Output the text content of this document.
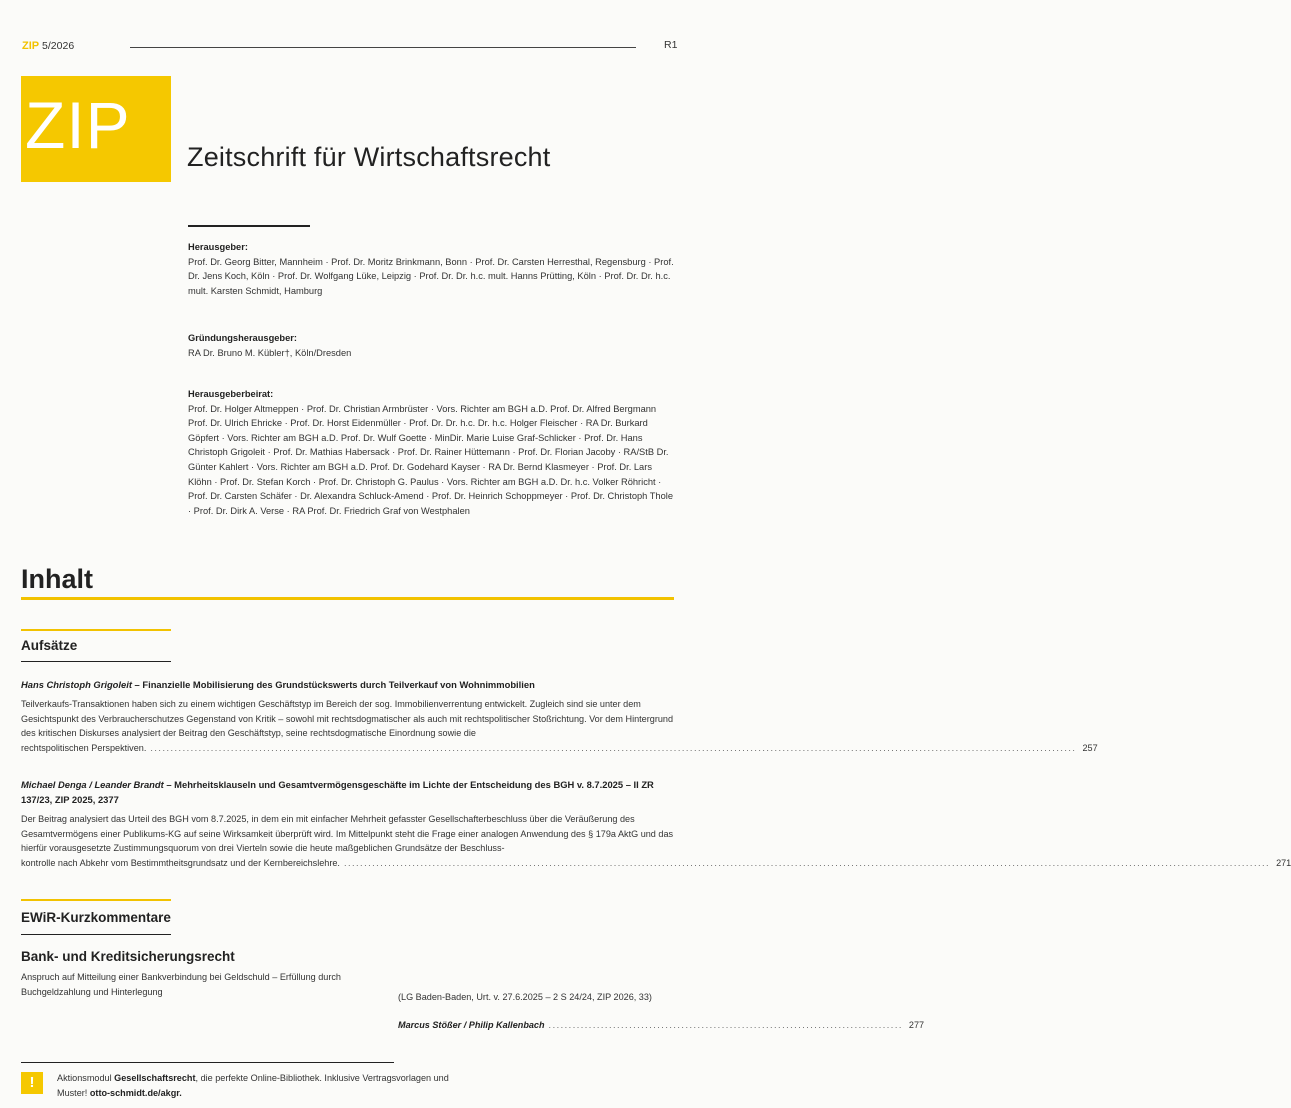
ZIP 5/2026	R1
ZIP Zeitschrift für Wirtschaftsrecht
Herausgeber:
Prof. Dr. Georg Bitter, Mannheim · Prof. Dr. Moritz Brinkmann, Bonn · Prof. Dr. Carsten Herresthal, Regensburg · Prof. Dr. Jens Koch, Köln · Prof. Dr. Wolfgang Lüke, Leipzig · Prof. Dr. Dr. h.c. mult. Hanns Prütting, Köln · Prof. Dr. Dr. h.c. mult. Karsten Schmidt, Hamburg
Gründungsherausgeber:
RA Dr. Bruno M. Kübler†, Köln/Dresden
Herausgeberbeirat:
Prof. Dr. Holger Altmeppen · Prof. Dr. Christian Armbrüster · Vors. Richter am BGH a.D. Prof. Dr. Alfred Bergmann Prof. Dr. Ulrich Ehricke · Prof. Dr. Horst Eidenmüller · Prof. Dr. Dr. h.c. Dr. h.c. Holger Fleischer · RA Dr. Burkard Göpfert · Vors. Richter am BGH a.D. Prof. Dr. Wulf Goette · MinDir. Marie Luise Graf-Schlicker · Prof. Dr. Hans Christoph Grigoleit · Prof. Dr. Mathias Habersack · Prof. Dr. Rainer Hüttemann · Prof. Dr. Florian Jacoby · RA/StB Dr. Günter Kahlert · Vors. Richter am BGH a.D. Prof. Dr. Godehard Kayser · RA Dr. Bernd Klasmeyer · Prof. Dr. Lars Klöhn · Prof. Dr. Stefan Korch · Prof. Dr. Christoph G. Paulus · Vors. Richter am BGH a.D. Dr. h.c. Volker Röhricht · Prof. Dr. Carsten Schäfer · Dr. Alexandra Schluck-Amend · Prof. Dr. Heinrich Schoppmeyer · Prof. Dr. Christoph Thole · Prof. Dr. Dirk A. Verse · RA Prof. Dr. Friedrich Graf von Westphalen
Inhalt
Aufsätze
Hans Christoph Grigoleit – Finanzielle Mobilisierung des Grundstückswerts durch Teilverkauf von Wohnimmobilien
Teilverkaufs-Transaktionen haben sich zu einem wichtigen Geschäftstyp im Bereich der sog. Immobilienverrentung entwickelt. Zugleich sind sie unter dem Gesichtspunkt des Verbraucherschutzes Gegenstand von Kritik – sowohl mit rechtsdogmatischer als auch mit rechtspolitischer Stoßrichtung. Vor dem Hintergrund des kritischen Diskurses analysiert der Beitrag den Geschäftstyp, seine rechtsdogmatische Einordnung sowie die
rechtspolitischen Perspektiven. ...................................................................................................................................................................................................................................... 257
Michael Denga / Leander Brandt – Mehrheitsklauseln und Gesamtvermögensgeschäfte im Lichte der Entscheidung des BGH v. 8.7.2025 – II ZR 137/23, ZIP 2025, 2377
Der Beitrag analysiert das Urteil des BGH vom 8.7.2025, in dem ein mit einfacher Mehrheit gefasster Gesellschafterbeschluss über die Veräußerung des Gesamtvermögens einer Publikums-KG auf seine Wirksamkeit überprüft wird. Im Mittelpunkt steht die Frage einer analogen Anwendung des § 179a AktG und das hierfür vorausgesetzte Zustimmungsquorum von drei Vierteln sowie die heute maßgeblichen Grundsätze der Beschluss-
kontrolle nach Abkehr vom Bestimmtheitsgrundsatz und der Kernbereichslehre. ...................................................................................................................................................................................................................................... 271
EWiR-Kurzkommentare
Bank- und Kreditsicherungsrecht
Anspruch auf Mitteilung einer Bankverbindung bei Geldschuld – Erfüllung durch Buchgeldzahlung und Hinterlegung
(LG Baden-Baden, Urt. v. 27.6.2025 – 2 S 24/24, ZIP 2026, 33)
Marcus Stößer / Philip Kallenbach ........................................................................................ 277
!	Aktionsmodul Gesellschaftsrecht, die perfekte Online-Bibliothek. Inklusive Vertragsvorlagen und Muster! otto-schmidt.de/akgr.
